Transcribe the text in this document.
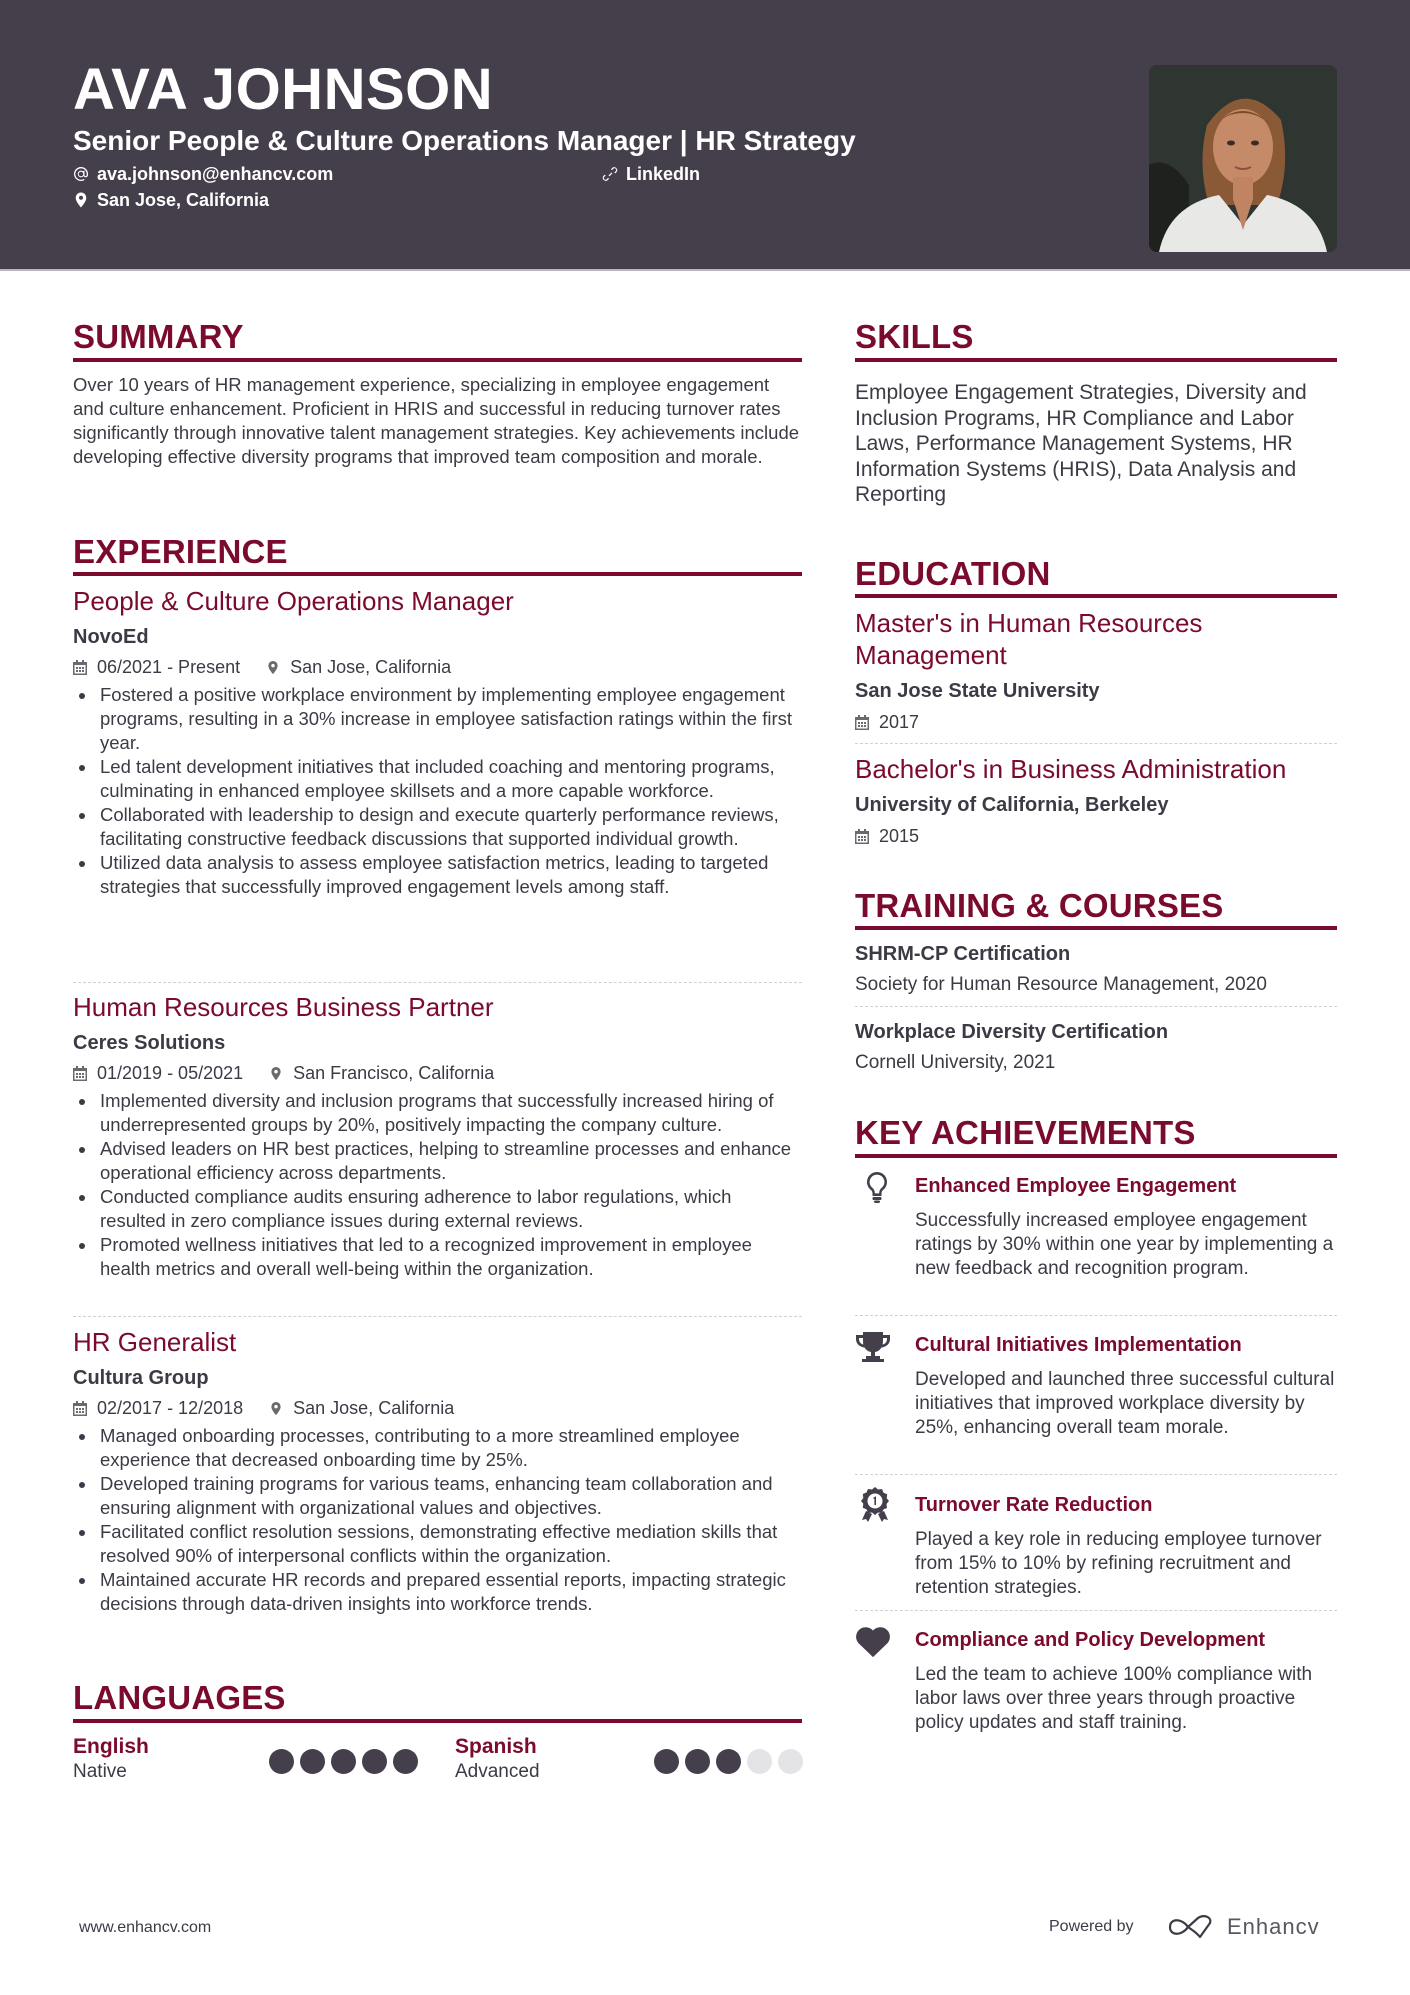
AVA JOHNSON
Senior People & Culture Operations Manager | HR Strategy
ava.johnson@enhancv.com	LinkedIn
San Jose, California
SUMMARY
Over 10 years of HR management experience, specializing in employee engagement and culture enhancement. Proficient in HRIS and successful in reducing turnover rates significantly through innovative talent management strategies. Key achievements include developing effective diversity programs that improved team composition and morale.
EXPERIENCE
People & Culture Operations Manager
NovoEd
06/2021 - Present	San Jose, California
Fostered a positive workplace environment by implementing employee engagement programs, resulting in a 30% increase in employee satisfaction ratings within the first year.
Led talent development initiatives that included coaching and mentoring programs, culminating in enhanced employee skillsets and a more capable workforce.
Collaborated with leadership to design and execute quarterly performance reviews, facilitating constructive feedback discussions that supported individual growth.
Utilized data analysis to assess employee satisfaction metrics, leading to targeted strategies that successfully improved engagement levels among staff.
Human Resources Business Partner
Ceres Solutions
01/2019 - 05/2021	San Francisco, California
Implemented diversity and inclusion programs that successfully increased hiring of underrepresented groups by 20%, positively impacting the company culture.
Advised leaders on HR best practices, helping to streamline processes and enhance operational efficiency across departments.
Conducted compliance audits ensuring adherence to labor regulations, which resulted in zero compliance issues during external reviews.
Promoted wellness initiatives that led to a recognized improvement in employee health metrics and overall well-being within the organization.
HR Generalist
Cultura Group
02/2017 - 12/2018	San Jose, California
Managed onboarding processes, contributing to a more streamlined employee experience that decreased onboarding time by 25%.
Developed training programs for various teams, enhancing team collaboration and ensuring alignment with organizational values and objectives.
Facilitated conflict resolution sessions, demonstrating effective mediation skills that resolved 90% of interpersonal conflicts within the organization.
Maintained accurate HR records and prepared essential reports, impacting strategic decisions through data-driven insights into workforce trends.
LANGUAGES
English
Native
Spanish
Advanced
SKILLS
Employee Engagement Strategies, Diversity and Inclusion Programs, HR Compliance and Labor Laws, Performance Management Systems, HR Information Systems (HRIS), Data Analysis and Reporting
EDUCATION
Master's in Human Resources Management
San Jose State University
2017
Bachelor's in Business Administration
University of California, Berkeley
2015
TRAINING & COURSES
SHRM-CP Certification
Society for Human Resource Management, 2020
Workplace Diversity Certification
Cornell University, 2021
KEY ACHIEVEMENTS
Enhanced Employee Engagement
Successfully increased employee engagement ratings by 30% within one year by implementing a new feedback and recognition program.
Cultural Initiatives Implementation
Developed and launched three successful cultural initiatives that improved workplace diversity by 25%, enhancing overall team morale.
Turnover Rate Reduction
Played a key role in reducing employee turnover from 15% to 10% by refining recruitment and retention strategies.
Compliance and Policy Development
Led the team to achieve 100% compliance with labor laws over three years through proactive policy updates and staff training.
www.enhancv.com	Powered by	Enhancv
